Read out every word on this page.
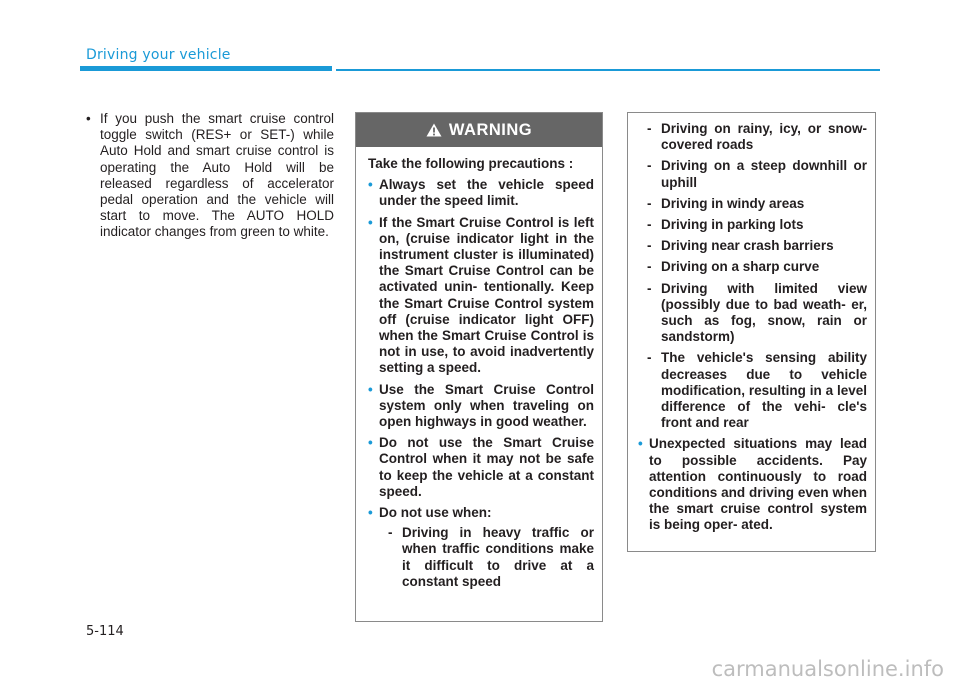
Driving your vehicle
• If you push the smart cruise control toggle switch (RES+ or SET-) while Auto Hold and smart cruise control is operating the Auto Hold will be released regardless of accelerator pedal operation and the vehicle will start to move. The AUTO HOLD indicator changes from green to white.
WARNING
Take the following precautions :
• Always set the vehicle speed under the speed limit.
• If the Smart Cruise Control is left on, (cruise indicator light in the instrument cluster is illuminated) the Smart Cruise Control can be activated unin- tentionally. Keep the Smart Cruise Control system off (cruise indicator light OFF) when the Smart Cruise Control is not in use, to avoid inadvertently setting a speed.
• Use the Smart Cruise Control system only when traveling on open highways in good weather.
• Do not use the Smart Cruise Control when it may not be safe to keep the vehicle at a constant speed.
• Do not use when:
- Driving in heavy traffic or when traffic conditions make it difficult to drive at a constant speed
- Driving on rainy, icy, or snow-covered roads
- Driving on a steep downhill or uphill
- Driving in windy areas
- Driving in parking lots
- Driving near crash barriers
- Driving on a sharp curve
- Driving with limited view (possibly due to bad weath- er, such as fog, snow, rain or sandstorm)
- The vehicle's sensing ability decreases due to vehicle modification, resulting in a level difference of the vehi- cle's front and rear
• Unexpected situations may lead to possible accidents. Pay attention continuously to road conditions and driving even when the smart cruise control system is being oper- ated.
5-114
carmanualsonline.info
